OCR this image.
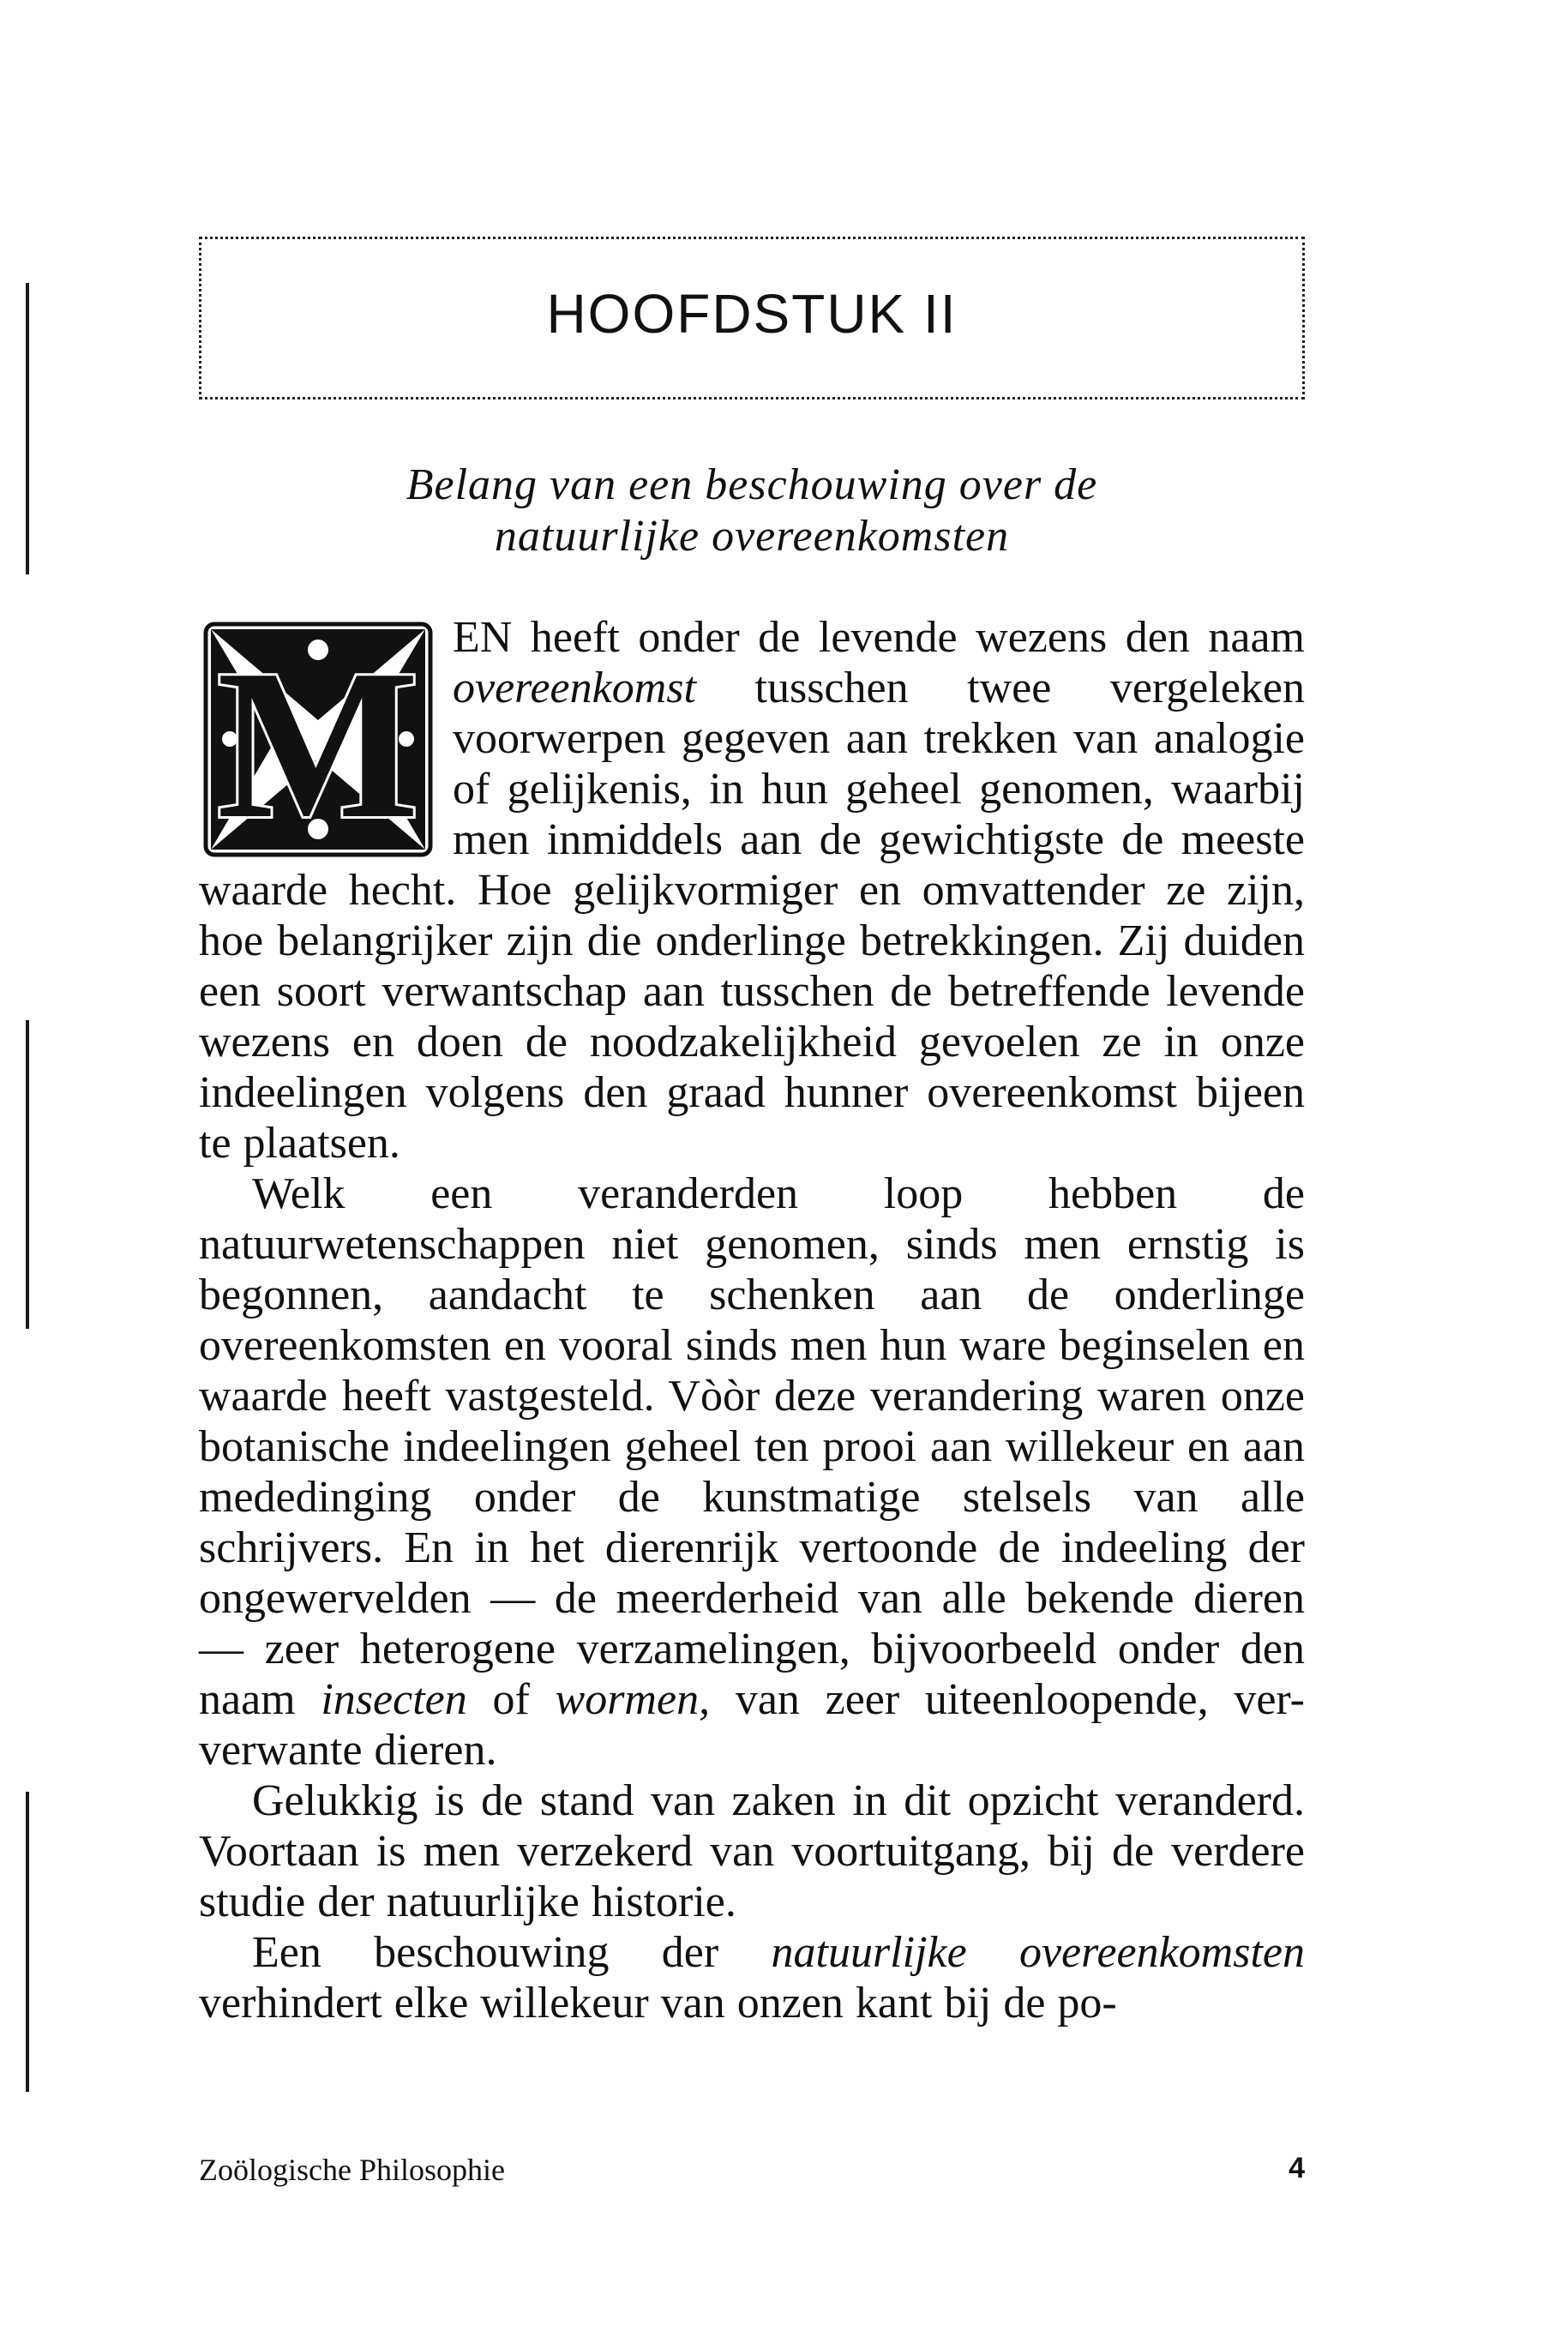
HOOFDSTUK II
Belang van een beschouwing over de
natuurlijke overeenkomsten
M EN heeft onder de levende wezens den naam overeenkomst tusschen twee vergeleken voorwerpen gegeven aan trekken van analogie of gelijkenis, in hun geheel genomen, waarbij men inmiddels aan de gewichtigste de meeste waarde hecht. Hoe gelijkvormiger en omvattender ze zijn, hoe belangrijker zijn die onderlinge betrekkingen. Zij duiden een soort verwantschap aan tusschen de betreffende levende wezens en doen de noodzakelijkheid gevoelen ze in onze indeelingen volgens den graad hunner overeenkomst bijeen te plaatsen.

Welk een veranderden loop hebben de natuurwetenschappen niet genomen, sinds men ernstig is begonnen, aandacht te schenken aan de onderlinge overeenkomsten en vooral sinds men hun ware beginselen en waarde heeft vastgesteld. Vòòr deze verandering waren onze botanische indeelingen geheel ten prooi aan willekeur en aan mededinging onder de kunstmatige stelsels van alle schrijvers. En in het dierenrijk vertoonde de indeeling der ongewervelden — de meerderheid van alle bekende dieren — zeer heterogene verzamelingen, bijvoorbeeld onder den naam insecten of wormen, van zeer uiteenloopende, ver-verwante dieren.

Gelukkig is de stand van zaken in dit opzicht veranderd. Voortaan is men verzekerd van voortuitgang, bij de verdere studie der natuurlijke historie.

Een beschouwing der natuurlijke overeenkomsten verhindert elke willekeur van onzen kant bij de po-

Zoölogische Philosophie	4
